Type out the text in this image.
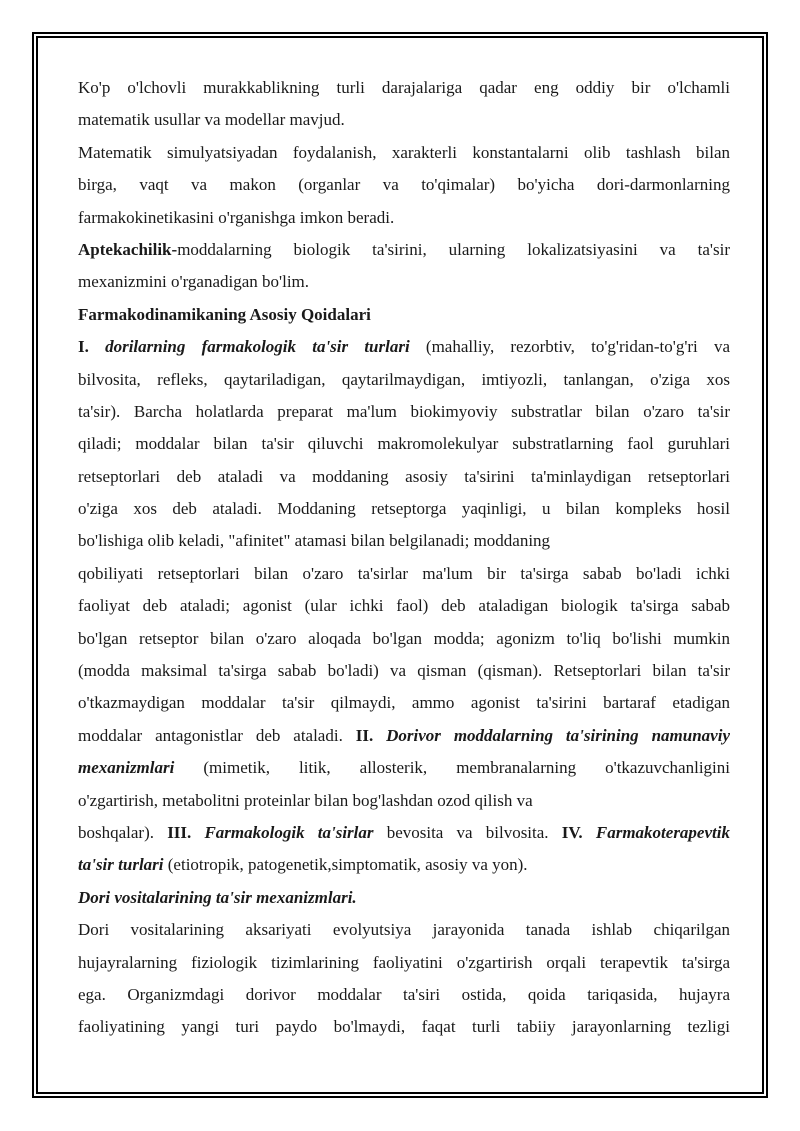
Ko'p o'lchovli murakkablikning turli darajalariga qadar eng oddiy bir o'lchamli
matematik usullar va modellar mavjud.
Matematik simulyatsiyadan foydalanish, xarakterli konstantalarni olib tashlash bilan
birga, vaqt va makon (organlar va to'qimalar) bo'yicha dori-darmonlarning
farmakokinetikasini o'rganishga imkon beradi.
Aptekachilik-moddalarning biologik ta'sirini, ularning lokalizatsiyasini va ta'sir
mexanizmini o'rganadigan bo'lim.
Farmakodinamikaning Asosiy Qoidalari
I. dorilarning farmakologik ta'sir turlari (mahalliy, rezorbtiv, to'g'ridan-to'g'ri va
bilvosita, refleks, qaytariladigan, qaytarilmaydigan, imtiyozli, tanlangan, o'ziga xos
ta'sir). Barcha holatlarda preparat ma'lum biokimyoviy substratlar bilan o'zaro ta'sir
qiladi; moddalar bilan ta'sir qiluvchi makromolekulyar substratlarning faol guruhlari
retseptorlari deb ataladi va moddaning asosiy ta'sirini ta'minlaydigan retseptorlari
o'ziga xos deb ataladi. Moddaning retseptorga yaqinligi, u bilan kompleks hosil
bo'lishiga olib keladi, "afinitet" atamasi bilan belgilanadi; moddaning
qobiliyati retseptorlari bilan o'zaro ta'sirlar ma'lum bir ta'sirga sabab bo'ladi ichki
faoliyat deb ataladi; agonist (ular ichki faol) deb ataladigan biologik ta'sirga sabab
bo'lgan retseptor bilan o'zaro aloqada bo'lgan modda; agonizm to'liq bo'lishi mumkin
(modda maksimal ta'sirga sabab bo'ladi) va qisman (qisman). Retseptorlari bilan ta'sir
o'tkazmaydigan moddalar ta'sir qilmaydi, ammo agonist ta'sirini bartaraf etadigan
moddalar antagonistlar deb ataladi. II. Dorivor moddalarning ta'sirining namunaviy
mexanizmlari (mimetik, litik, allosterik, membranalarning o'tkazuvchanligini
o'zgartirish, metabolitni proteinlar bilan bog'lashdan ozod qilish va
boshqalar). III. Farmakologik ta'sirlar bevosita va bilvosita. IV. Farmakoterapevtik
ta'sir turlari (etiotropik, patogenetik,simptomatik, asosiy va yon).
Dori vositalarining ta'sir mexanizmlari.
Dori vositalarining aksariyati evolyutsiya jarayonida tanada ishlab chiqarilgan
hujayralarning fiziologik tizimlarining faoliyatini o'zgartirish orqali terapevtik ta'sirga
ega. Organizmdagi dorivor moddalar ta'siri ostida, qoida tariqasida, hujayra
faoliyatining yangi turi paydo bo'lmaydi, faqat turli tabiiy jarayonlarning tezligi
